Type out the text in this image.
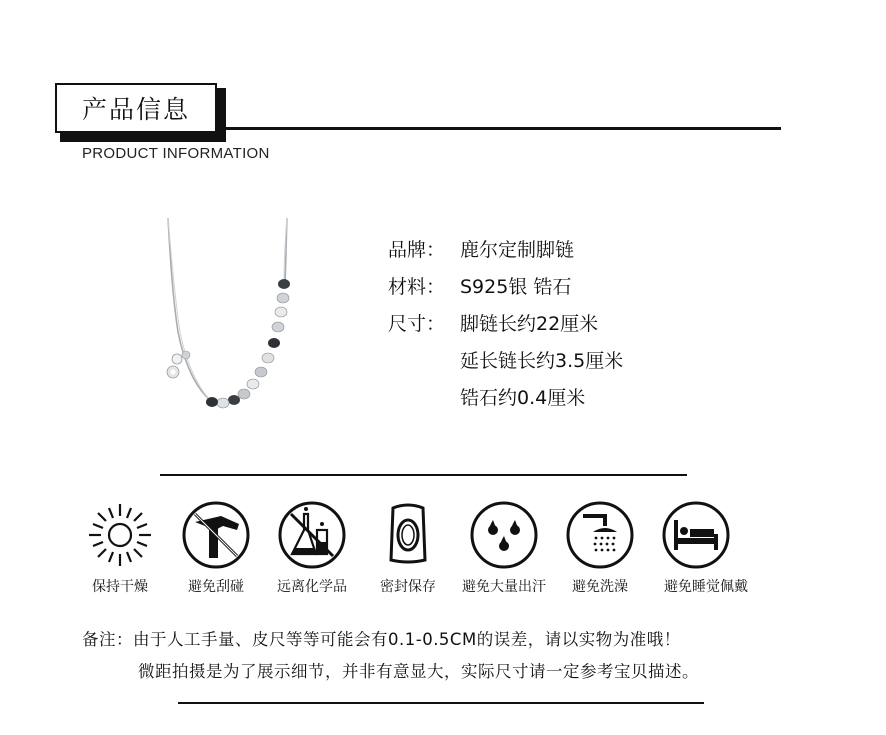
产品信息
PRODUCT INFORMATION
品牌： 鹿尔定制脚链
材料： S925银 锆石
尺寸： 脚链长约22厘米
延长链长约3.5厘米
锆石约0.4厘米
保持干燥	避免刮碰	远离化学品	密封保存	避免大量出汗	避免洗澡	避免睡觉佩戴
备注：由于人工手量、皮尺等等可能会有0.1-0.5CM的误差，请以实物为准哦！
微距拍摄是为了展示细节，并非有意显大，实际尺寸请一定参考宝贝描述。
